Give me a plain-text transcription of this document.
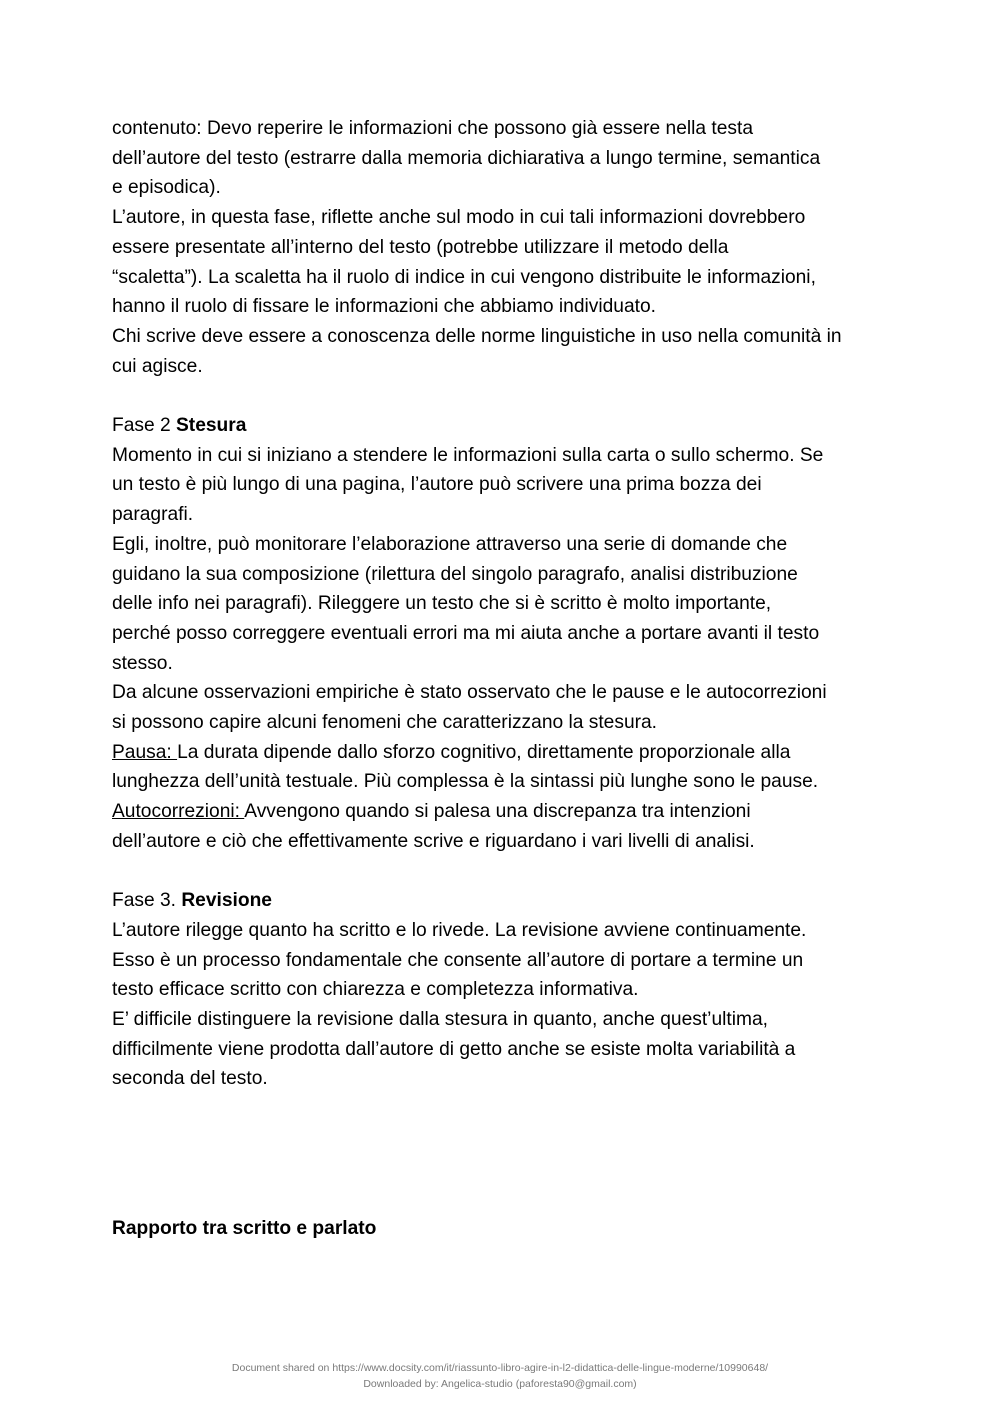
contenuto: Devo reperire le informazioni che possono già essere nella testa
dell’autore del testo (estrarre dalla memoria dichiarativa a lungo termine, semantica
e episodica).
L’autore, in questa fase, riflette anche sul modo in cui tali informazioni dovrebbero
essere presentate all’interno del testo (potrebbe utilizzare il metodo della
“scaletta”). La scaletta ha il ruolo di indice in cui vengono distribuite le informazioni,
hanno il ruolo di fissare le informazioni che abbiamo individuato.
Chi scrive deve essere a conoscenza delle norme linguistiche in uso nella comunità in
cui agisce.
Fase 2 Stesura
Momento in cui si iniziano a stendere le informazioni sulla carta o sullo schermo. Se
un testo è più lungo di una pagina, l’autore può scrivere una prima bozza dei
paragrafi.
Egli, inoltre, può monitorare l’elaborazione attraverso una serie di domande che
guidano la sua composizione (rilettura del singolo paragrafo, analisi distribuzione
delle info nei paragrafi). Rileggere un testo che si è scritto è molto importante,
perché posso correggere eventuali errori ma mi aiuta anche a portare avanti il testo
stesso.
Da alcune osservazioni empiriche è stato osservato che le pause e le autocorrezioni
si possono capire alcuni fenomeni che caratterizzano la stesura.
Pausa: La durata dipende dallo sforzo cognitivo, direttamente proporzionale alla
lunghezza dell’unità testuale. Più complessa è la sintassi più lunghe sono le pause.
Autocorrezioni: Avvengono quando si palesa una discrepanza tra intenzioni
dell’autore e ciò che effettivamente scrive e riguardano i vari livelli di analisi.
Fase 3. Revisione
L’autore rilegge quanto ha scritto e lo rivede. La revisione avviene continuamente.
Esso è un processo fondamentale che consente all’autore di portare a termine un
testo efficace scritto con chiarezza e completezza informativa.
E’ difficile distinguere la revisione dalla stesura in quanto, anche quest’ultima,
difficilmente viene prodotta dall’autore di getto anche se esiste molta variabilità a
seconda del testo.
Rapporto tra scritto e parlato
Document shared on https://www.docsity.com/it/riassunto-libro-agire-in-l2-didattica-delle-lingue-moderne/10990648/
Downloaded by: Angelica-studio (paforesta90@gmail.com)
